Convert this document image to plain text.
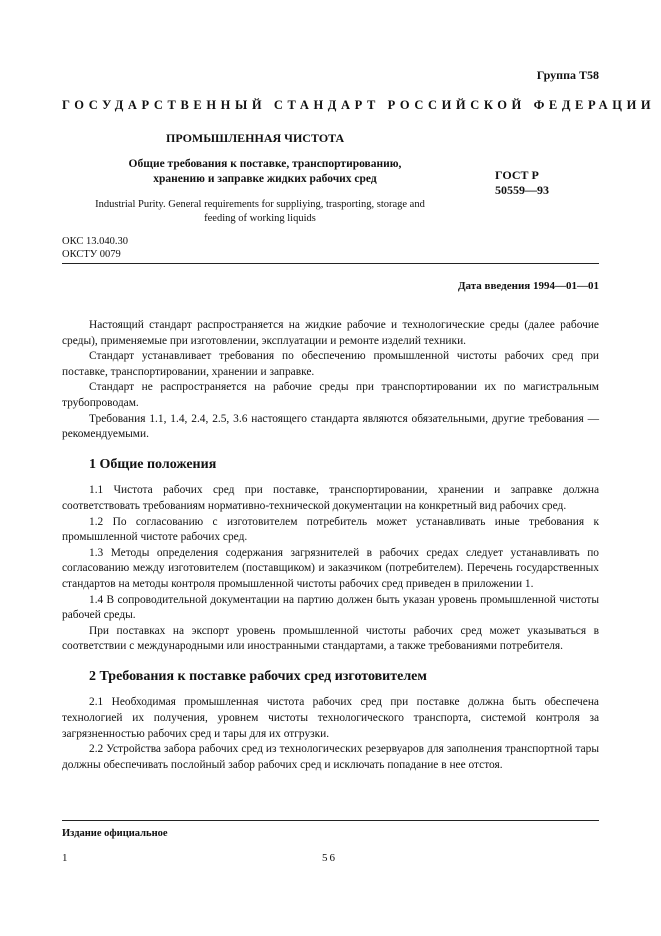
Группа Т58
ГОСУДАРСТВЕННЫЙ СТАНДАРТ РОССИЙСКОЙ ФЕДЕРАЦИИ
ПРОМЫШЛЕННАЯ ЧИСТОТА
Общие требования к поставке, транспортированию,
хранению и заправке жидких рабочих сред	ГОСТ Р
50559—93
Industrial Purity. General requirements for suppliying, trasporting, storage and
feeding of working liquids
ОКС 13.040.30
ОКСТУ 0079
Дата введения 1994—01—01

Настоящий стандарт распространяется на жидкие рабочие и технологические среды (далее рабочие среды), применяемые при изготовлении, эксплуатации и ремонте изделий техники.

Стандарт устанавливает требования по обеспечению промышленной чистоты рабочих сред при поставке, транспортировании, хранении и заправке.

Стандарт не распространяется на рабочие среды при транспортировании их по магистральным трубопроводам.

Требования 1.1, 1.4, 2.4, 2.5, 3.6 настоящего стандарта являются обязательными, другие требования — рекомендуемыми.

1 Общие положения

1.1 Чистота рабочих сред при поставке, транспортировании, хранении и заправке должна соответствовать требованиям нормативно-технической документации на конкретный вид рабочих сред.

1.2 По согласованию с изготовителем потребитель может устанавливать иные требования к промышленной чистоте рабочих сред.

1.3 Методы определения содержания загрязнителей в рабочих средах следует устанавливать по согласованию между изготовителем (поставщиком) и заказчиком (потребителем). Перечень государственных стандартов на методы контроля промышленной чистоты рабочих сред приведен в приложении 1.

1.4 В сопроводительной документации на партию должен быть указан уровень промышленной чистоты рабочей среды.

При поставках на экспорт уровень промышленной чистоты рабочих сред может указываться в соответствии с международными или иностранными стандартами, а также требованиями потребителя.

2 Требования к поставке рабочих сред изготовителем

2.1 Необходимая промышленная чистота рабочих сред при поставке должна быть обеспечена технологией их получения, уровнем чистоты технологического транспорта, системой контроля за загрязненностью рабочих сред и тары для их отгрузки.

2.2 Устройства забора рабочих сред из технологических резервуаров для заполнения транспортной тары должны обеспечивать послойный забор рабочих сред и исключать попадание в нее отстоя.

Издание официальное
1	56
